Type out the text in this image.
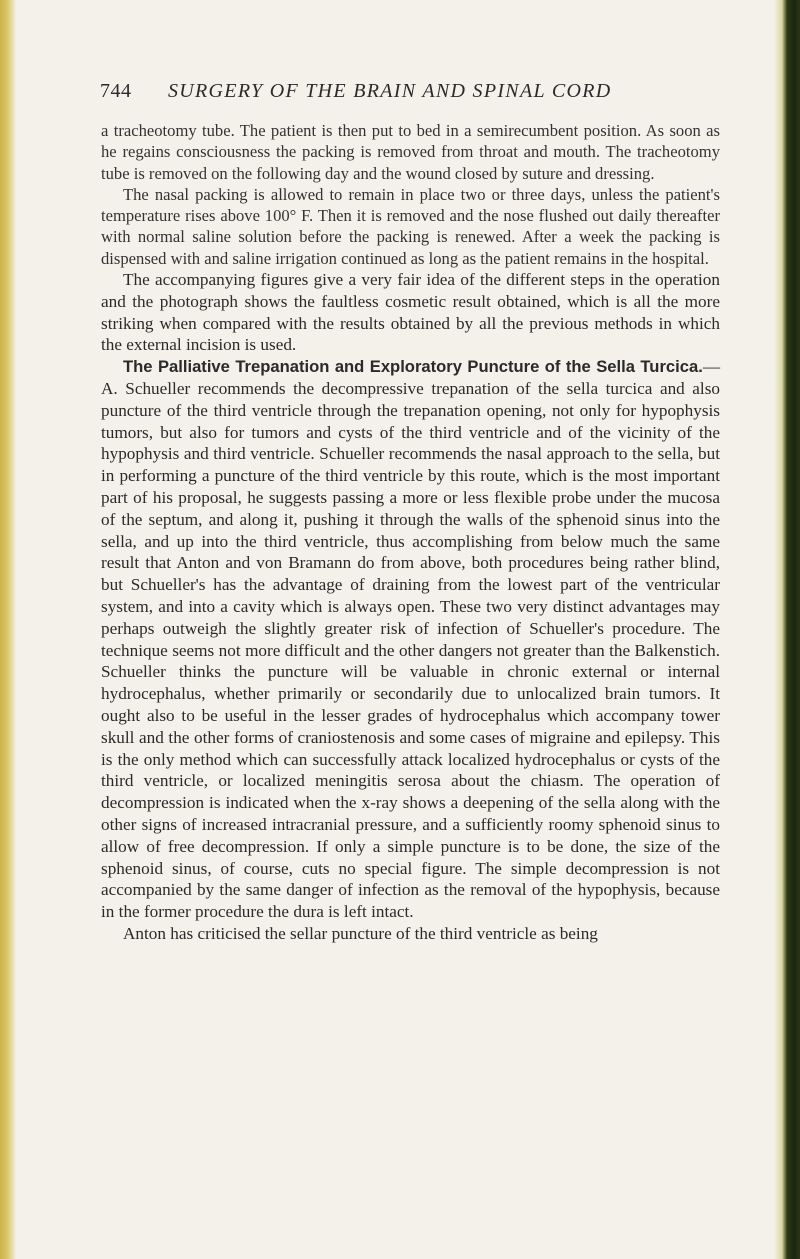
744 SURGERY OF THE BRAIN AND SPINAL CORD

a tracheotomy tube. The patient is then put to bed in a semirecumbent position. As soon as he regains consciousness the packing is removed from throat and mouth. The tracheotomy tube is removed on the following day and the wound closed by suture and dressing.

The nasal packing is allowed to remain in place two or three days, unless the patient's temperature rises above 100° F. Then it is removed and the nose flushed out daily thereafter with normal saline solution before the packing is renewed. After a week the packing is dispensed with and saline irrigation continued as long as the patient remains in the hospital.

The accompanying figures give a very fair idea of the different steps in the operation and the photograph shows the faultless cosmetic result obtained, which is all the more striking when compared with the results obtained by all the previous methods in which the external incision is used.

The Palliative Trepanation and Exploratory Puncture of the Sella Turcica.—A. Schueller recommends the decompressive trepanation of the sella turcica and also puncture of the third ventricle through the trepanation opening, not only for hypophysis tumors, but also for tumors and cysts of the third ventricle and of the vicinity of the hypophysis and third ventricle. Schueller recommends the nasal approach to the sella, but in performing a puncture of the third ventricle by this route, which is the most important part of his proposal, he suggests passing a more or less flexible probe under the mucosa of the septum, and along it, pushing it through the walls of the sphenoid sinus into the sella, and up into the third ventricle, thus accomplishing from below much the same result that Anton and von Bramann do from above, both procedures being rather blind, but Schueller's has the advantage of draining from the lowest part of the ventricular system, and into a cavity which is always open. These two very distinct advantages may perhaps outweigh the slightly greater risk of infection of Schueller's procedure. The technique seems not more difficult and the other dangers not greater than the Balkenstich. Schueller thinks the puncture will be valuable in chronic external or internal hydrocephalus, whether primarily or secondarily due to unlocalized brain tumors. It ought also to be useful in the lesser grades of hydrocephalus which accompany tower skull and the other forms of craniostenosis and some cases of migraine and epilepsy. This is the only method which can successfully attack localized hydrocephalus or cysts of the third ventricle, or localized meningitis serosa about the chiasm. The operation of decompression is indicated when the x-ray shows a deepening of the sella along with the other signs of increased intracranial pressure, and a sufficiently roomy sphenoid sinus to allow of free decompression. If only a simple puncture is to be done, the size of the sphenoid sinus, of course, cuts no special figure. The simple decompression is not accompanied by the same danger of infection as the removal of the hypophysis, because in the former procedure the dura is left intact.

Anton has criticised the sellar puncture of the third ventricle as being
